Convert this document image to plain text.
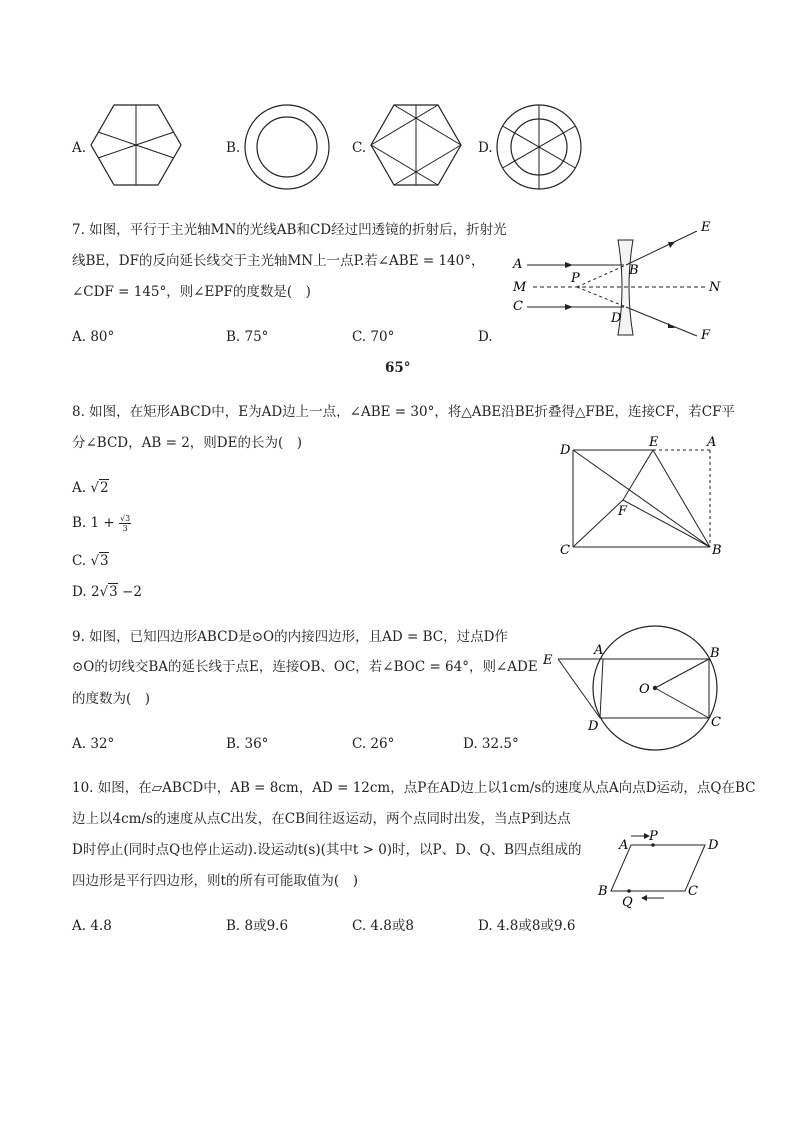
A.	B.	C.	D.
7. 如图，平行于主光轴MN的光线AB和CD经过凹透镜的折射后，折射光
线BE，DF的反向延长线交于主光轴MN上一点P.若∠ABE = 140°，
∠CDF = 145°，则∠EPF的度数是(　)
A. 80°	B. 75°	C. 70°	D.
65°
A
C
M
P
B
D
E
N
F
8. 如图，在矩形ABCD中，E为AD边上一点，∠ABE = 30°，将△ABE沿BE折叠得△FBE，连接CF，若CF平
分∠BCD，AB = 2，则DE的长为(　)
A. √2
B. $1 + \frac{√3}{3}$
C. √3
D. 2√3 −2
D
E	A
F
C	B
9. 如图，已知四边形ABCD是⊙O的内接四边形，且AD = BC，过点D作
⊙O的切线交BA的延长线于点E，连接OB、OC，若∠BOC = 64°，则∠ADE
的度数为(　)
A. 32°	B. 36°	C. 26°	D. 32.5°
E
A	B
O
D	C
10. 如图，在▱ABCD中，AB = 8cm，AD = 12cm，点P在AD边上以1cm/s的速度从点A向点D运动，点Q在BC
边上以4cm/s的速度从点C出发，在CB间往返运动，两个点同时出发，当点P到达点
D时停止(同时点Q也停止运动).设运动t(s)(其中t > 0)时，以P、D、Q、B四点组成的
四边形是平行四边形，则t的所有可能取值为(　)
A. 4.8	B. 8或9.6	C. 4.8或8	D. 4.8或8或9.6
A
P
D
B
Q
C
